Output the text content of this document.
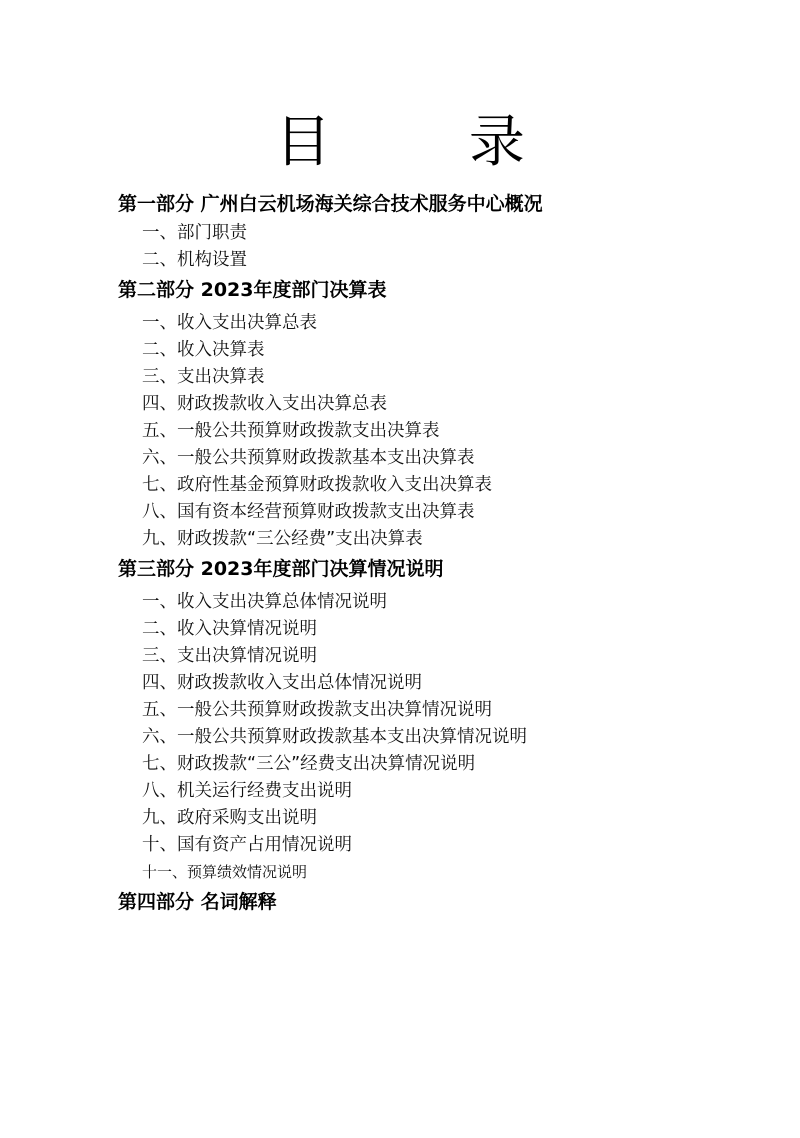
目 录
第一部分 广州白云机场海关综合技术服务中心概况
一、部门职责
二、机构设置
第二部分 2023年度部门决算表
一、收入支出决算总表
二、收入决算表
三、支出决算表
四、财政拨款收入支出决算总表
五、一般公共预算财政拨款支出决算表
六、一般公共预算财政拨款基本支出决算表
七、政府性基金预算财政拨款收入支出决算表
八、国有资本经营预算财政拨款支出决算表
九、财政拨款“三公经费”支出决算表
第三部分 2023年度部门决算情况说明
一、收入支出决算总体情况说明
二、收入决算情况说明
三、支出决算情况说明
四、财政拨款收入支出总体情况说明
五、一般公共预算财政拨款支出决算情况说明
六、一般公共预算财政拨款基本支出决算情况说明
七、财政拨款“三公”经费支出决算情况说明
八、机关运行经费支出说明
九、政府采购支出说明
十、国有资产占用情况说明
十一、预算绩效情况说明
第四部分 名词解释
